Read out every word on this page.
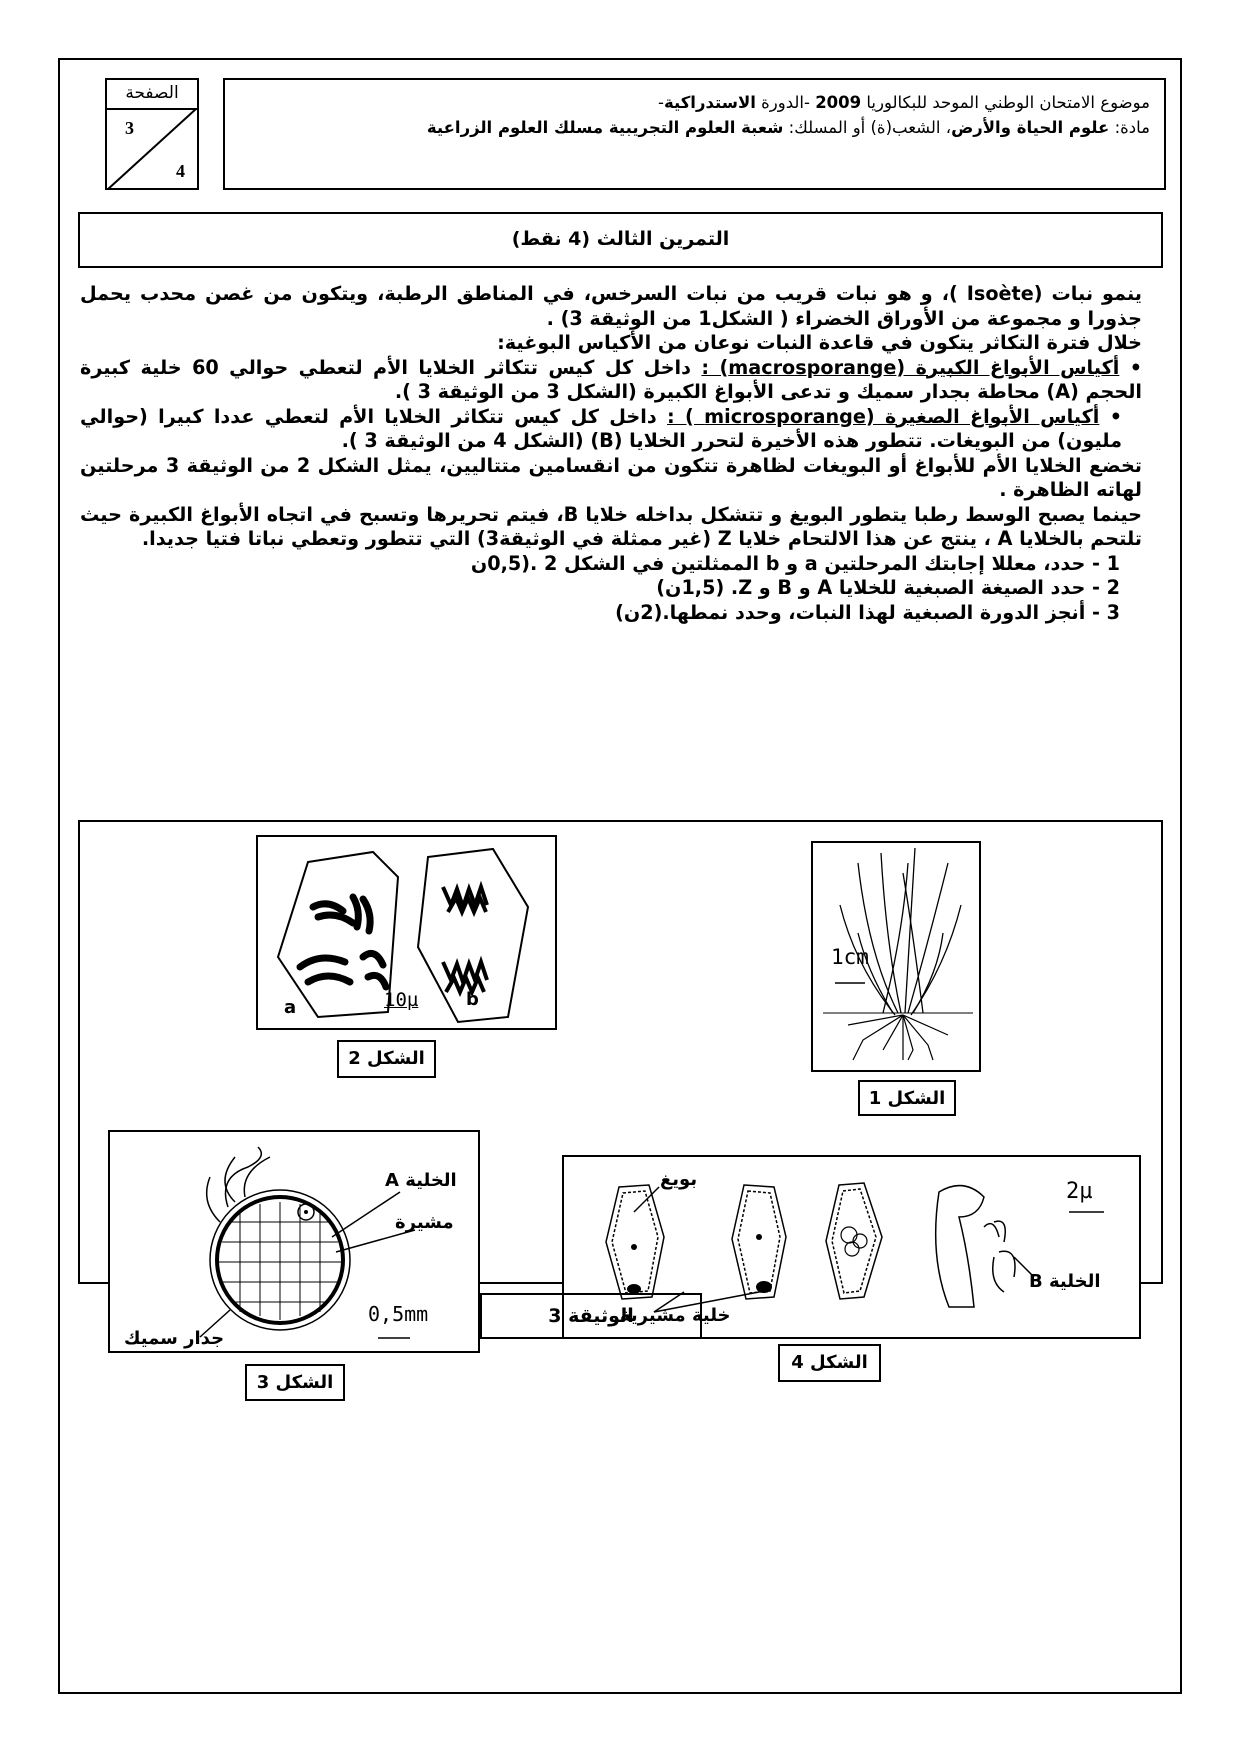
الصفحة
3
4
موضوع الامتحان الوطني الموحد للبكالوريا 2009 -الدورة الاستدراكية-
مادة: علوم الحياة والأرض، الشعب(ة) أو المسلك: شعبة العلوم التجريبية مسلك العلوم الزراعية
التمرين الثالث (4 نقط)

ينمو نبات (Isoète )، و هو نبات قريب من نبات السرخس، في المناطق الرطبة، ويتكون من غصن محدب يحمل جذورا و مجموعة من الأوراق الخضراء ( الشكل1 من الوثيقة 3) .

خلال فترة التكاثر يتكون في قاعدة النبات نوعان من الأكياس البوغية:

• أكياس الأبواغ الكبيرة (macrosporange) : داخل كل كيس تتكاثر الخلايا الأم لتعطي حوالي 60 خلية كبيرة الحجم (A) محاطة بجدار سميك و تدعى الأبواغ الكبيرة (الشكل 3 من الوثيقة 3 ).

• أكياس الأبواغ الصغيرة (microsporange ) : داخل كل كيس تتكاثر الخلايا الأم لتعطي عددا كبيرا (حوالي مليون) من البويغات. تتطور هذه الأخيرة لتحرر الخلايا (B) (الشكل 4 من الوثيقة 3 ).

تخضع الخلايا الأم للأبواغ أو البويغات لظاهرة تتكون من انقسامين متتاليين، يمثل الشكل 2 من الوثيقة 3 مرحلتين لهاته الظاهرة .

حينما يصبح الوسط رطبا يتطور البويغ و تتشكل بداخله خلايا B، فيتم تحريرها وتسبح في اتجاه الأبواغ الكبيرة حيث تلتحم بالخلايا A ، ينتج عن هذا الالتحام خلايا Z (غير ممثلة في الوثيقة3) التي تتطور وتعطي نباتا فتيا جديدا.

1 - حدد، معللا إجابتك المرحلتين a و b الممثلتين في الشكل 2 .(0,5ن

2 - حدد الصيغة الصبغية للخلايا A و B و Z. (1,5ن)

3 - أنجز الدورة الصبغية لهذا النبات، وحدد نمطها.(2ن)

a	b
10µ
الشكل 2
1cm
الشكل 1
الخلية A
مشيرة
جدار سميك
0,5mm
الشكل 3
بويغ
خلية مشيرية
الخلية B
2µ
الشكل 4
الوثيقة 3
